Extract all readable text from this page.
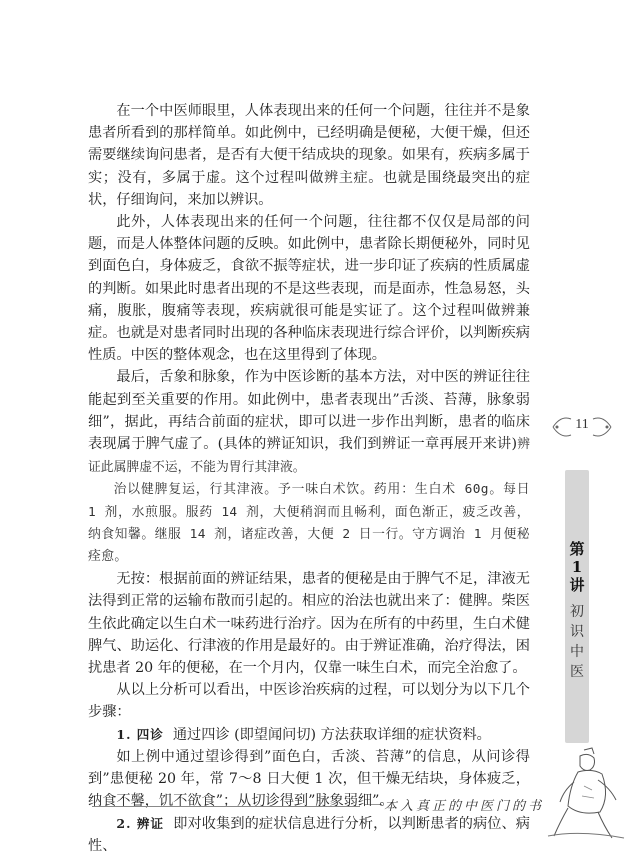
在一个中医师眼里，人体表现出来的任何一个问题，往往并不是象患者所看到的那样简单。如此例中，已经明确是便秘，大便干燥，但还需要继续询问患者，是否有大便干结成块的现象。如果有，疾病多属于实；没有，多属于虚。这个过程叫做辨主症。也就是围绕最突出的症状，仔细询问，来加以辨识。

此外，人体表现出来的任何一个问题，往往都不仅仅是局部的问题，而是人体整体问题的反映。如此例中，患者除长期便秘外，同时见到面色白，身体疲乏，食欲不振等症状，进一步印证了疾病的性质属虚的判断。如果此时患者出现的不是这些表现，而是面赤，性急易怒，头痛，腹胀，腹痛等表现，疾病就很可能是实证了。这个过程叫做辨兼症。也就是对患者同时出现的各种临床表现进行综合评价，以判断疾病性质。中医的整体观念，也在这里得到了体现。

最后，舌象和脉象，作为中医诊断的基本方法，对中医的辨证往往能起到至关重要的作用。如此例中，患者表现出”舌淡、苔薄，脉象弱细”，据此，再结合前面的症状，即可以进一步作出判断，患者的临床表现属于脾气虚了。(具体的辨证知识，我们到辨证一章再展开来讲)辨证此属脾虚不运，不能为胃行其津液。

治以健脾复运，行其津液。予一味白术饮。药用：生白术 60g。每日 1 剂，水煎服。服药 14 剂，大便稍润而且畅利，面色渐正，疲乏改善，纳食知馨。继服 14 剂，诸症改善，大便 2 日一行。守方调治 1 月便秘痊愈。

无按：根据前面的辨证结果，患者的便秘是由于脾气不足，津液无法得到正常的运输布散而引起的。相应的治法也就出来了：健脾。柴医生依此确定以生白术一味药进行治疗。因为在所有的中药里，生白术健脾气、助运化、行津液的作用是最好的。由于辨证准确，治疗得法，困扰患者 20 年的便秘，在一个月内，仅靠一味生白术，而完全治愈了。

从以上分析可以看出，中医诊治疾病的过程，可以划分为以下几个步骤：

1. 四诊 通过四诊 (即望闻问切) 方法获取详细的症状资料。

如上例中通过望诊得到”面色白，舌淡、苔薄”的信息，从问诊得到”患便秘 20 年，常 7～8 日大便 1 次，但干燥无结块，身体疲乏，纳食不馨，饥不欲食”；从切诊得到”脉象弱细”。

2. 辨证 即对收集到的症状信息进行分析，以判断患者的病位、病性、

11
第1讲
初识中医
一本入真正的中医门的书
